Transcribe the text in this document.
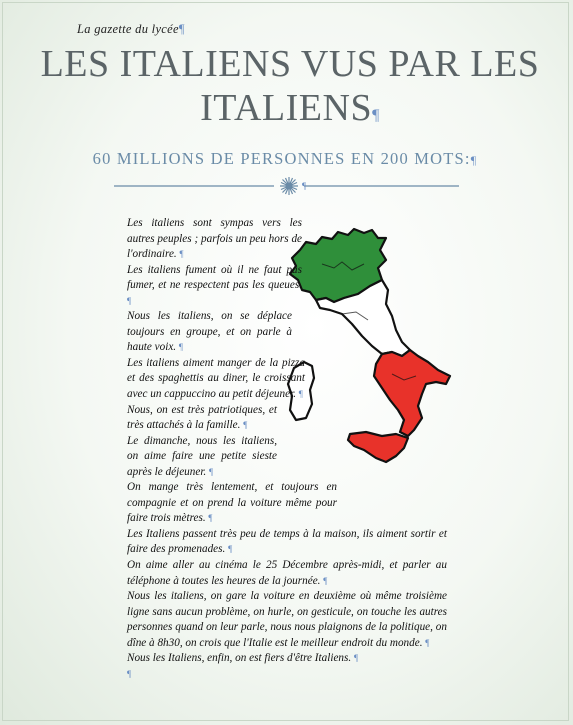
La gazette du lycée¶
LES ITALIENS VUS PAR LES ITALIENS¶
60 MILLIONS DE PERSONNES EN 200 MOTS:¶
¶

Les italiens sont sympas vers les autres peuples ; parfois un peu hors de l'ordinaire. ¶

Les italiens fument où il ne faut pas fumer, et ne respectent pas les queues. ¶

Nous les italiens, on se déplace toujours en groupe, et on parle à haute voix. ¶

Les italiens aiment manger de la pizza et des spaghettis au diner, le croissant avec un cappuccino au petit déjeuner. ¶

Nous, on est très patriotiques, et très attachés à la famille. ¶

Le dimanche, nous les italiens, on aime faire une petite sieste après le déjeuner. ¶

On mange très lentement, et toujours en compagnie et on prend la voiture même pour faire trois mètres. ¶

Les Italiens passent très peu de temps à la maison, ils aiment sortir et faire des promenades. ¶

On aime aller au cinéma le 25 Décembre après-midi, et parler au téléphone à toutes les heures de la journée. ¶

Nous les italiens, on gare la voiture en deuxième où même troisième ligne sans aucun problème, on hurle, on gesticule, on touche les autres personnes quand on leur parle, nous nous plaignons de la politique, on dîne à 8h30, on crois que l'Italie est le meilleur endroit du monde. ¶

Nous les Italiens, enfin, on est fiers d'être Italiens. ¶

¶
